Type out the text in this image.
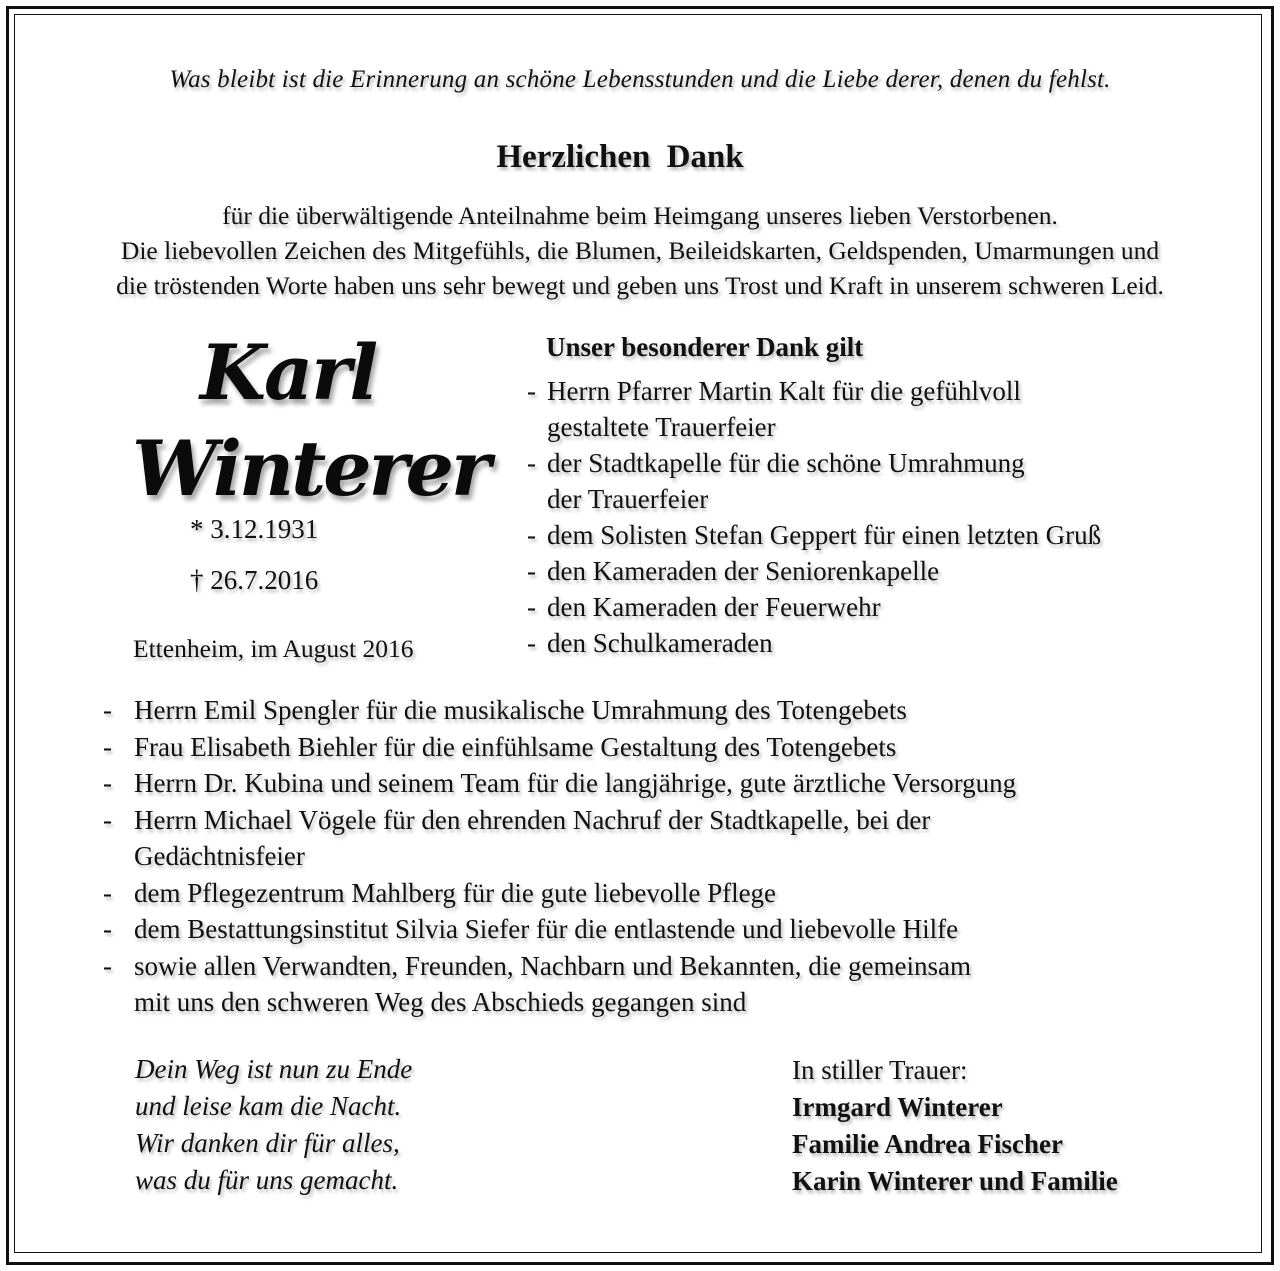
Was bleibt ist die Erinnerung an schöne Lebensstunden und die Liebe derer, denen du fehlst.
Herzlichen Dank
für die überwältigende Anteilnahme beim Heimgang unseres lieben Verstorbenen.
Die liebevollen Zeichen des Mitgefühls, die Blumen, Beileidskarten, Geldspenden, Umarmungen und
die tröstenden Worte haben uns sehr bewegt und geben uns Trost und Kraft in unserem schweren Leid.
Karl
Winterer
* 3.12.1931
† 26.7.2016
Ettenheim, im August 2016
Unser besonderer Dank gilt
- Herrn Pfarrer Martin Kalt für die gefühlvoll
gestaltete Trauerfeier
- der Stadtkapelle für die schöne Umrahmung
der Trauerfeier
- dem Solisten Stefan Geppert für einen letzten Gruß
- den Kameraden der Seniorenkapelle
- den Kameraden der Feuerwehr
- den Schulkameraden
- Herrn Emil Spengler für die musikalische Umrahmung des Totengebets
- Frau Elisabeth Biehler für die einfühlsame Gestaltung des Totengebets
- Herrn Dr. Kubina und seinem Team für die langjährige, gute ärztliche Versorgung
- Herrn Michael Vögele für den ehrenden Nachruf der Stadtkapelle, bei der
Gedächtnisfeier
- dem Pflegezentrum Mahlberg für die gute liebevolle Pflege
- dem Bestattungsinstitut Silvia Siefer für die entlastende und liebevolle Hilfe
- sowie allen Verwandten, Freunden, Nachbarn und Bekannten, die gemeinsam
mit uns den schweren Weg des Abschieds gegangen sind
Dein Weg ist nun zu Ende
und leise kam die Nacht.
Wir danken dir für alles,
was du für uns gemacht.
In stiller Trauer:
Irmgard Winterer
Familie Andrea Fischer
Karin Winterer und Familie
